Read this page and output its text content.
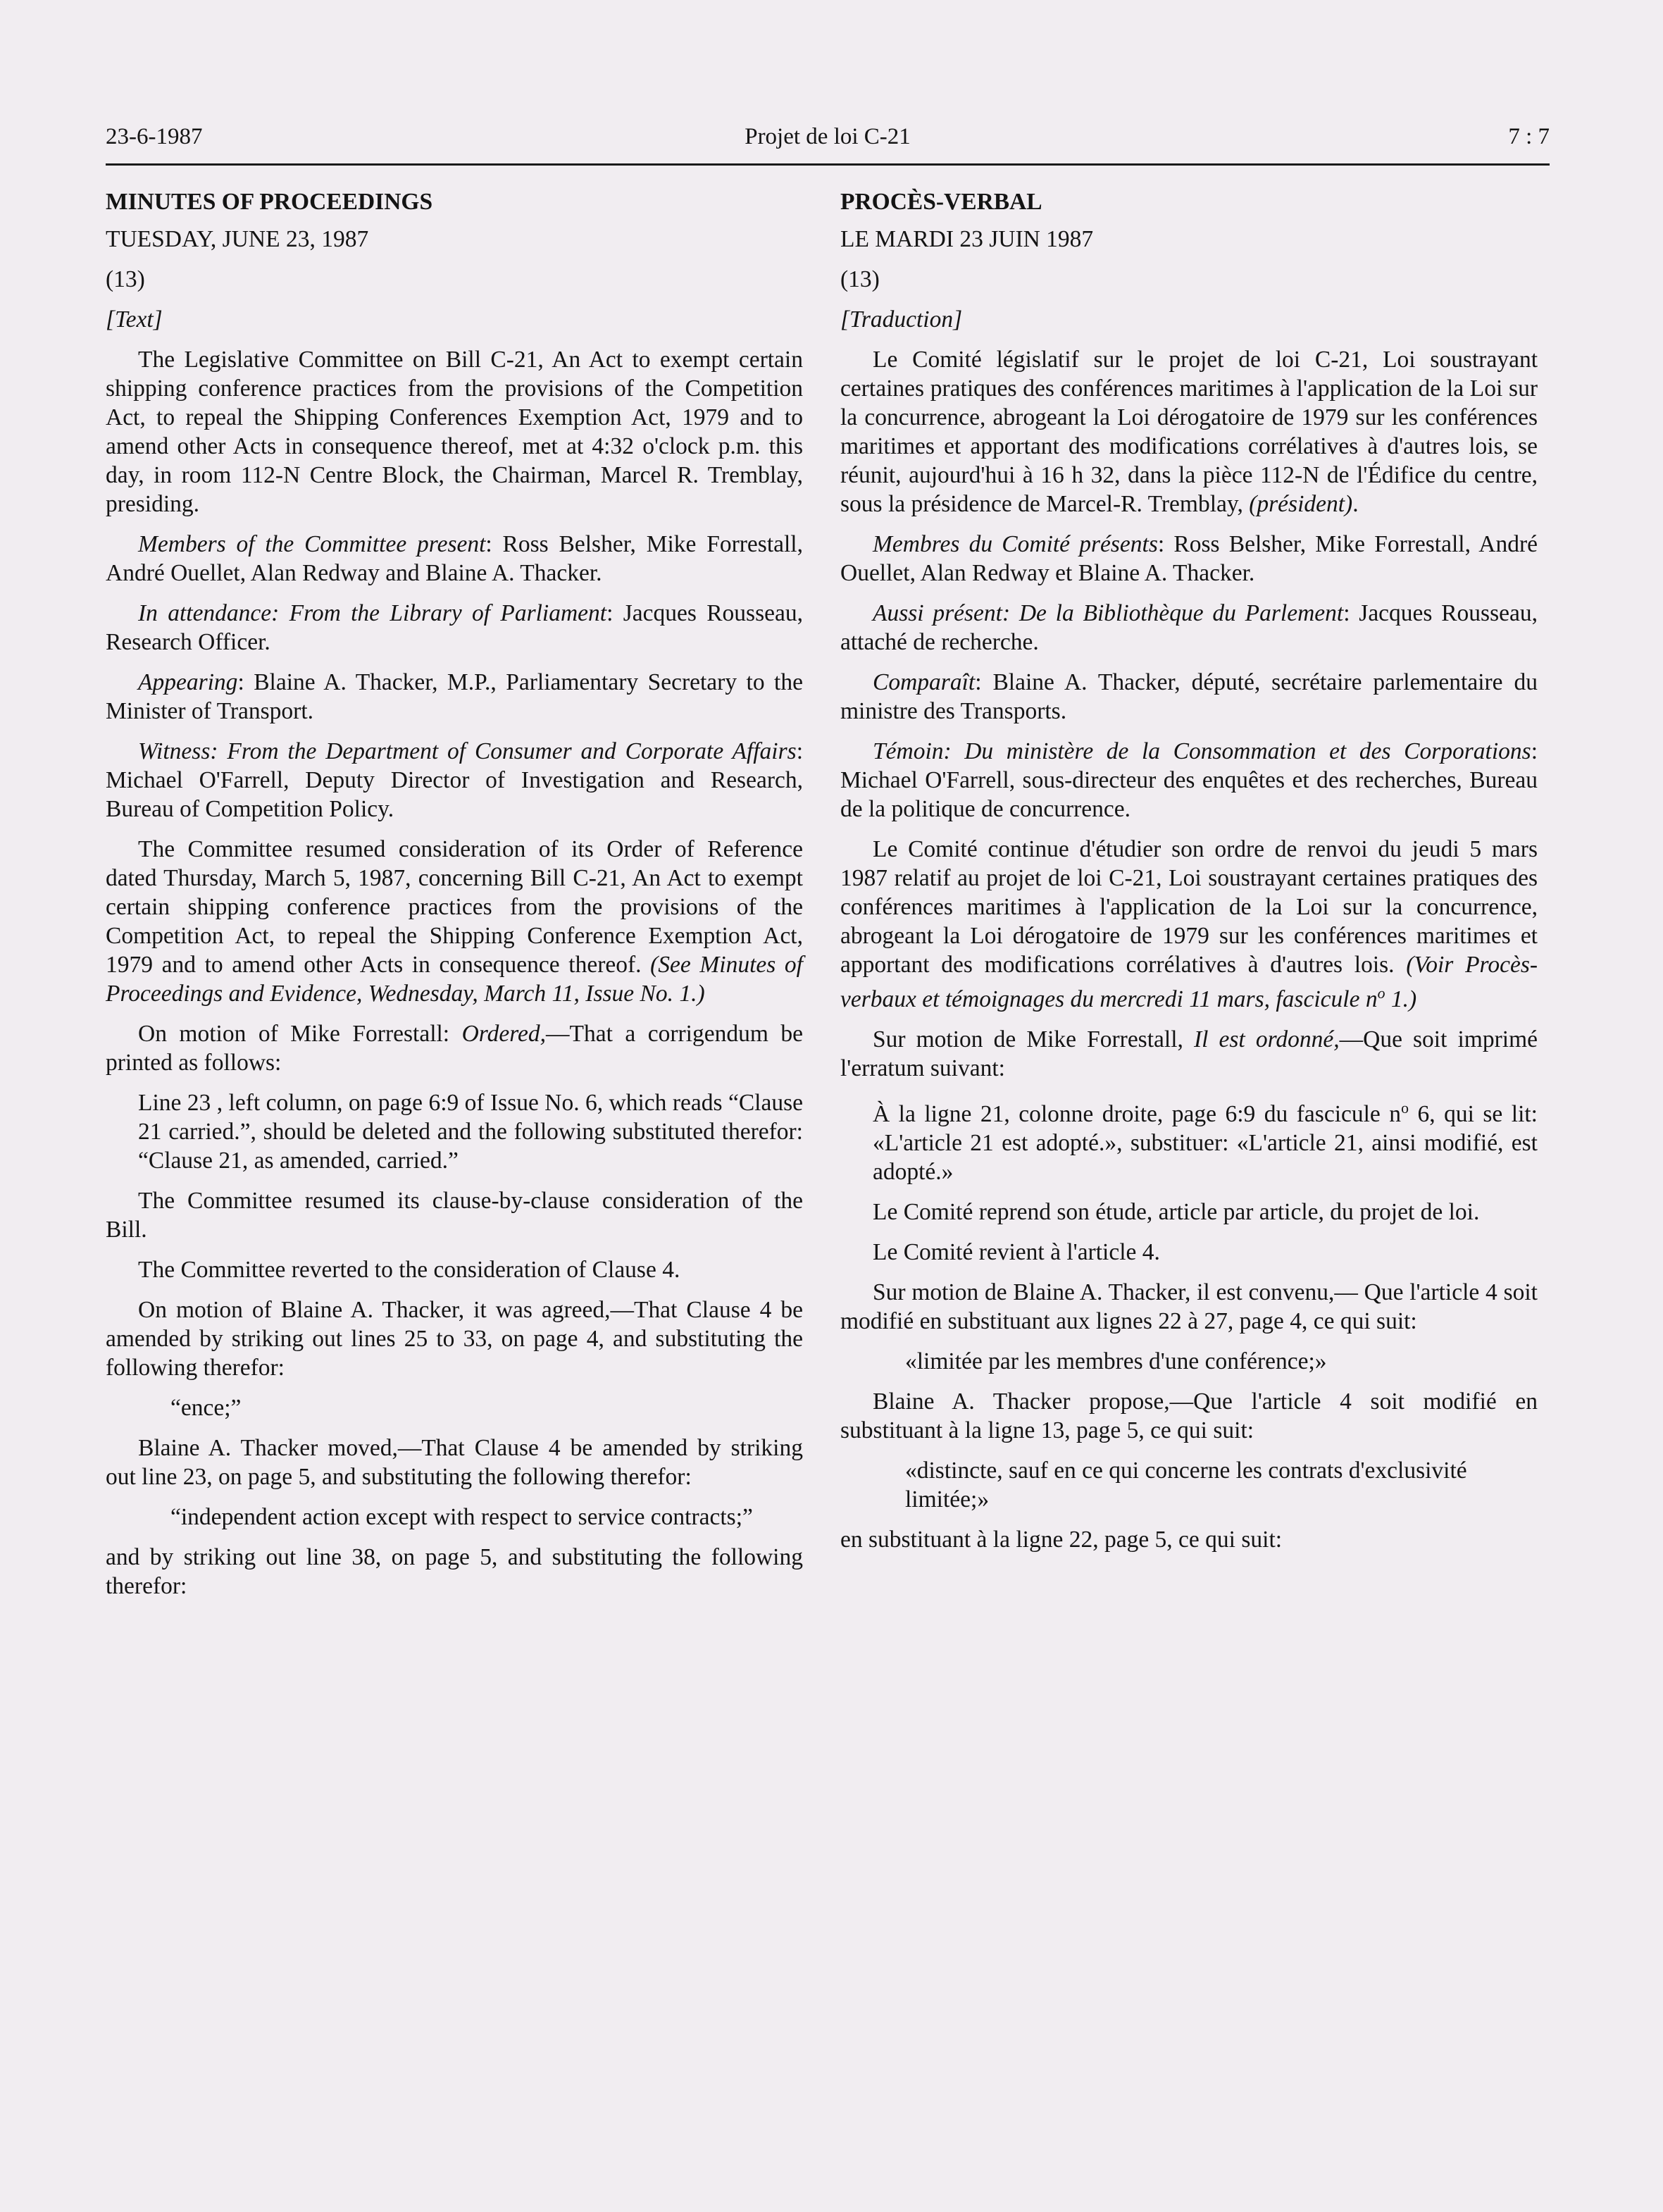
Projet de loi C-21
23-6-1987	7 : 7
MINUTES OF PROCEEDINGS

TUESDAY, JUNE 23, 1987

(13)

[Text]

The Legislative Committee on Bill C-21, An Act to exempt certain shipping conference practices from the provisions of the Competition Act, to repeal the Shipping Conferences Exemption Act, 1979 and to amend other Acts in consequence thereof, met at 4:32 o'clock p.m. this day, in room 112-N Centre Block, the Chairman, Marcel R. Tremblay, presiding.

Members of the Committee present: Ross Belsher, Mike Forrestall, André Ouellet, Alan Redway and Blaine A. Thacker.

In attendance: From the Library of Parliament: Jacques Rousseau, Research Officer.

Appearing: Blaine A. Thacker, M.P., Parliamentary Secretary to the Minister of Transport.

Witness: From the Department of Consumer and Corporate Affairs: Michael O'Farrell, Deputy Director of Investigation and Research, Bureau of Competition Policy.

The Committee resumed consideration of its Order of Reference dated Thursday, March 5, 1987, concerning Bill C-21, An Act to exempt certain shipping conference practices from the provisions of the Competition Act, to repeal the Shipping Conference Exemption Act, 1979 and to amend other Acts in consequence thereof. (See Minutes of Proceedings and Evidence, Wednesday, March 11, Issue No. 1.)

On motion of Mike Forrestall: Ordered,—That a corrigendum be printed as follows:

Line 23 , left column, on page 6:9 of Issue No. 6, which reads “Clause 21 carried.”, should be deleted and the following substituted therefor: “Clause 21, as amended, carried.”

The Committee resumed its clause-by-clause consideration of the Bill.

The Committee reverted to the consideration of Clause 4.

On motion of Blaine A. Thacker, it was agreed,—That Clause 4 be amended by striking out lines 25 to 33, on page 4, and substituting the following therefor:

“ence;”

Blaine A. Thacker moved,—That Clause 4 be amended by striking out line 23, on page 5, and substituting the following therefor:

“independent action except with respect to service contracts;”

and by striking out line 38, on page 5, and substituting the following therefor:

PROCÈS-VERBAL

LE MARDI 23 JUIN 1987

(13)

[Traduction]

Le Comité législatif sur le projet de loi C-21, Loi soustrayant certaines pratiques des conférences maritimes à l'application de la Loi sur la concurrence, abrogeant la Loi dérogatoire de 1979 sur les conférences maritimes et apportant des modifications corrélatives à d'autres lois, se réunit, aujourd'hui à 16 h 32, dans la pièce 112-N de l'Édifice du centre, sous la présidence de Marcel-R. Tremblay, (président).

Membres du Comité présents: Ross Belsher, Mike Forrestall, André Ouellet, Alan Redway et Blaine A. Thacker.

Aussi présent: De la Bibliothèque du Parlement: Jacques Rousseau, attaché de recherche.

Comparaît: Blaine A. Thacker, député, secrétaire parlementaire du ministre des Transports.

Témoin: Du ministère de la Consommation et des Corporations: Michael O'Farrell, sous-directeur des enquêtes et des recherches, Bureau de la politique de concurrence.

Le Comité continue d'étudier son ordre de renvoi du jeudi 5 mars 1987 relatif au projet de loi C-21, Loi soustrayant certaines pratiques des conférences maritimes à l'application de la Loi sur la concurrence, abrogeant la Loi dérogatoire de 1979 sur les conférences maritimes et apportant des modifications corrélatives à d'autres lois. (Voir Procès-verbaux et témoignages du mercredi 11 mars, fascicule $n^o$ 1.)

Sur motion de Mike Forrestall, Il est ordonné,—Que soit imprimé l'erratum suivant:

À la ligne 21, colonne droite, page 6:9 du fascicule $n^o$ 6, qui se lit: «L'article 21 est adopté.», substituer: «L'article 21, ainsi modifié, est adopté.»

Le Comité reprend son étude, article par article, du projet de loi.

Le Comité revient à l'article 4.

Sur motion de Blaine A. Thacker, il est convenu,— Que l'article 4 soit modifié en substituant aux lignes 22 à 27, page 4, ce qui suit:

«limitée par les membres d'une conférence;»

Blaine A. Thacker propose,—Que l'article 4 soit modifié en substituant à la ligne 13, page 5, ce qui suit:

«distincte, sauf en ce qui concerne les contrats d'exclusivité limitée;»

en substituant à la ligne 22, page 5, ce qui suit:
